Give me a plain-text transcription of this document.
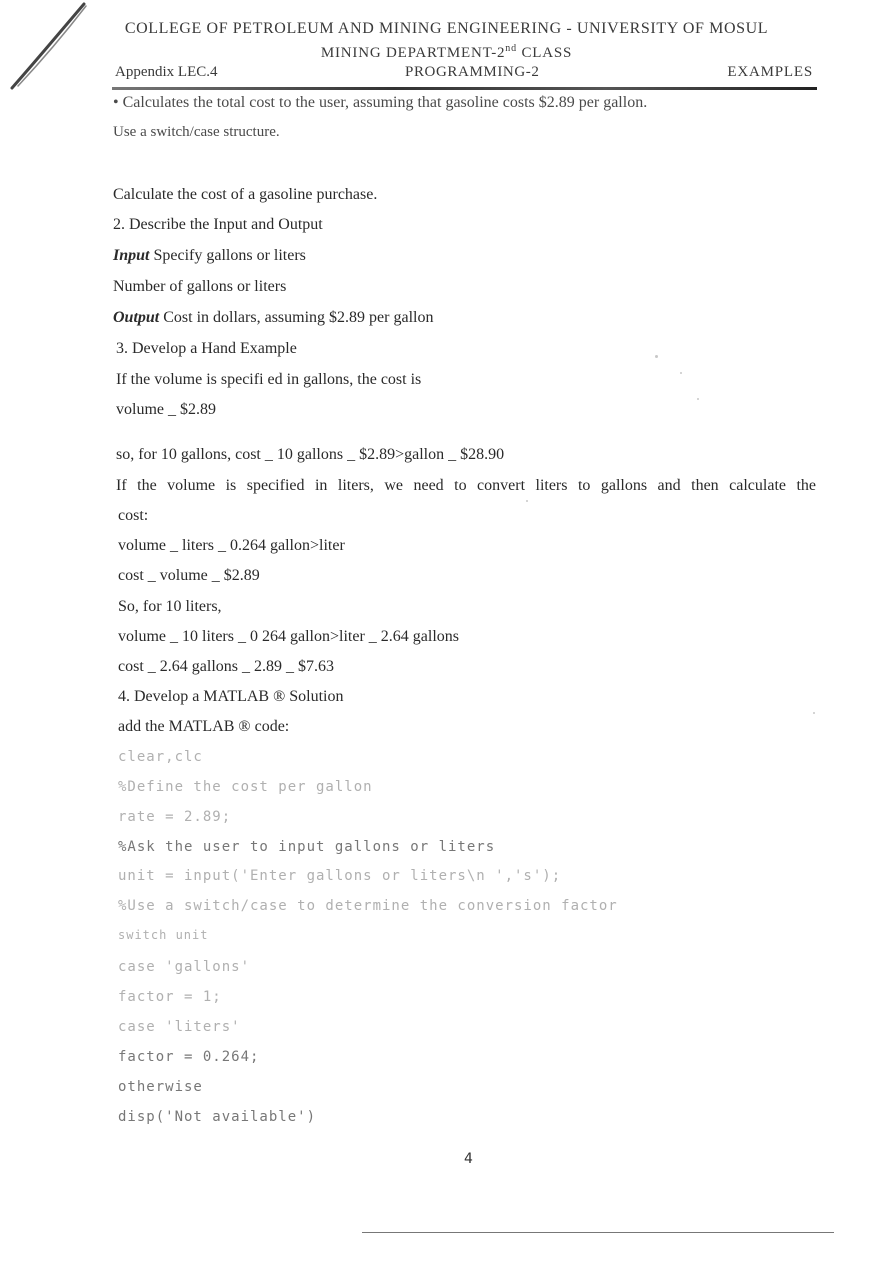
COLLEGE OF PETROLEUM AND MINING ENGINEERING - UNIVERSITY OF MOSUL
MINING DEPARTMENT-2nd CLASS
Appendix LEC.4	PROGRAMMING-2	EXAMPLES
• Calculates the total cost to the user, assuming that gasoline costs $2.89 per gallon.
Use a switch/case structure.
Calculate the cost of a gasoline purchase.
2. Describe the Input and Output
Input Specify gallons or liters
Number of gallons or liters
Output Cost in dollars, assuming $2.89 per gallon
3. Develop a Hand Example
If the volume is specifi ed in gallons, the cost is
volume _ $2.89
so, for 10 gallons, cost _ 10 gallons _ $2.89>gallon _ $28.90
If the volume is specified in liters, we need to convert liters to gallons and then calculate the
cost:
volume _ liters _ 0.264 gallon>liter
cost _ volume _ $2.89
So, for 10 liters,
volume _ 10 liters _ 0 264 gallon>liter _ 2.64 gallons
cost _ 2.64 gallons _ 2.89 _ $7.63
4. Develop a MATLAB ® Solution
add the MATLAB ® code:
clear,clc
%Define the cost per gallon
rate = 2.89;
%Ask the user to input gallons or liters
unit = input('Enter gallons or liters\n ','s');
%Use a switch/case to determine the conversion factor
switch unit
case 'gallons'
factor = 1;
case 'liters'
factor = 0.264;
otherwise
disp('Not available')
4
